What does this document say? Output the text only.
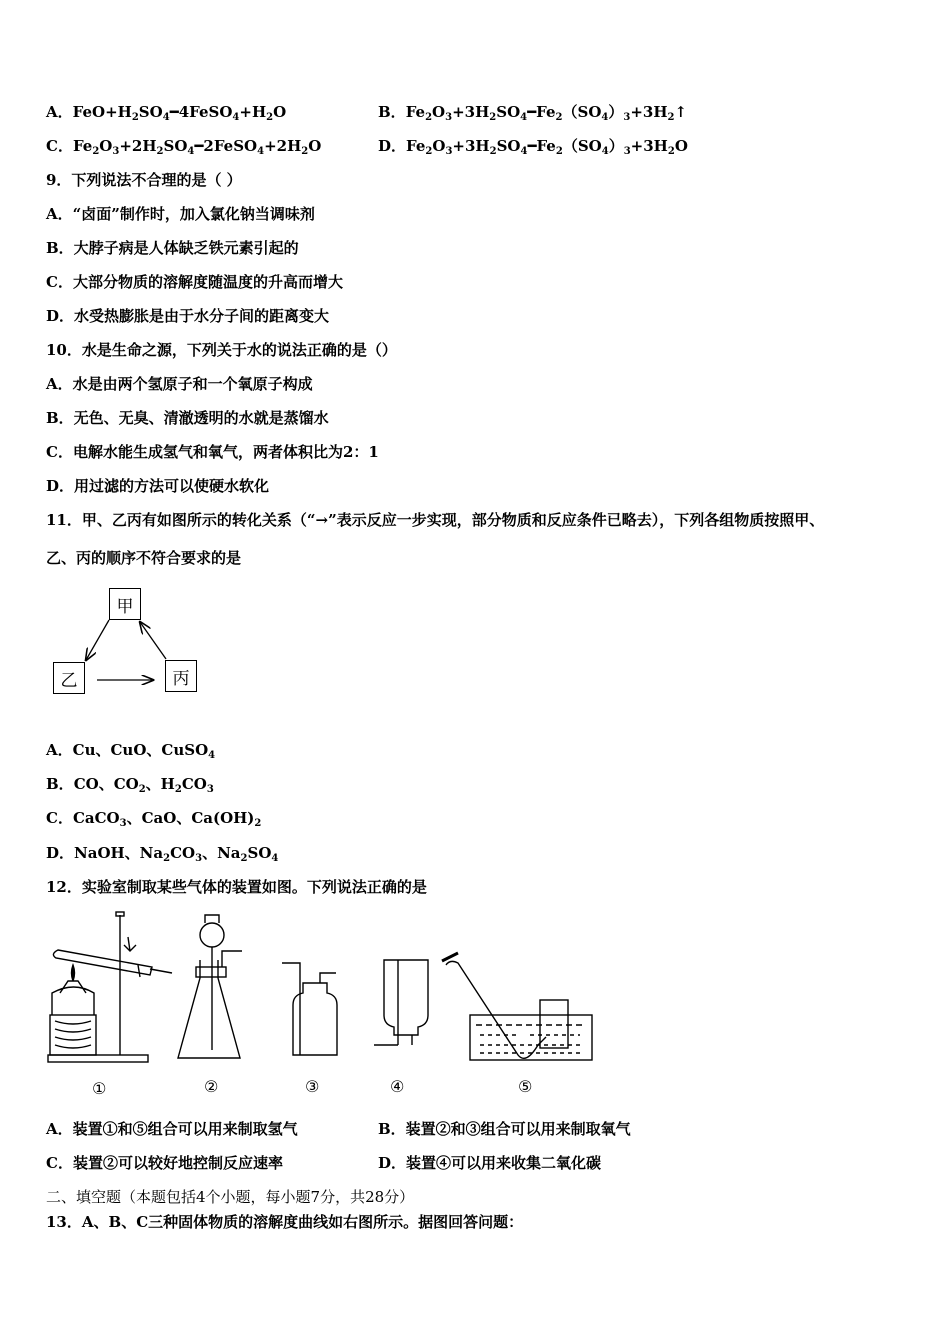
A．$FeO+H_2SO_4━4FeSO_4+H_2O$	B．$Fe_2O_3+3H_2SO_4━Fe_2(SO_4)_3+3H_2↑$
C．$Fe_2O_3+2H_2SO_4━2FeSO_4+2H_2O$	D．$Fe_2O_3+3H_2SO_4━Fe_2(SO_4)_3+3H_2O$
9．下列说法不合理的是（ ）
A．“卤面”制作时，加入氯化钠当调味剂
B．大脖子病是人体缺乏铁元素引起的
C．大部分物质的溶解度随温度的升高而增大
D．水受热膨胀是由于水分子间的距离变大
10．水是生命之源，下列关于水的说法正确的是（）
A．水是由两个氢原子和一个氧原子构成
B．无色、无臭、清澈透明的水就是蒸馏水
C．电解水能生成氢气和氧气，两者体积比为2：1
D．用过滤的方法可以使硬水软化
11．甲、乙丙有如图所示的转化关系（“→”表示反应一步实现，部分物质和反应条件已略去），下列各组物质按照甲、
乙、丙的顺序不符合要求的是
甲
乙	丙
A．Cu、CuO、CuSO$_4$
B．CO、$CO_2$、$H_2CO_3$
C．CaCO$_3$、CaO、$Ca(OH)_2$
D．NaOH、$Na_2CO_3$、$Na_2SO_4$
12．实验室制取某些气体的装置如图。下列说法正确的是
①	②	③	④	⑤
A．装置①和⑤组合可以用来制取氢气	B．装置②和③组合可以用来制取氧气
C．装置②可以较好地控制反应速率	D．装置④可以用来收集二氧化碳
二、填空题（本题包括4个小题，每小题7分，共28分）
13．A、B、C三种固体物质的溶解度曲线如右图所示。据图回答问题：
